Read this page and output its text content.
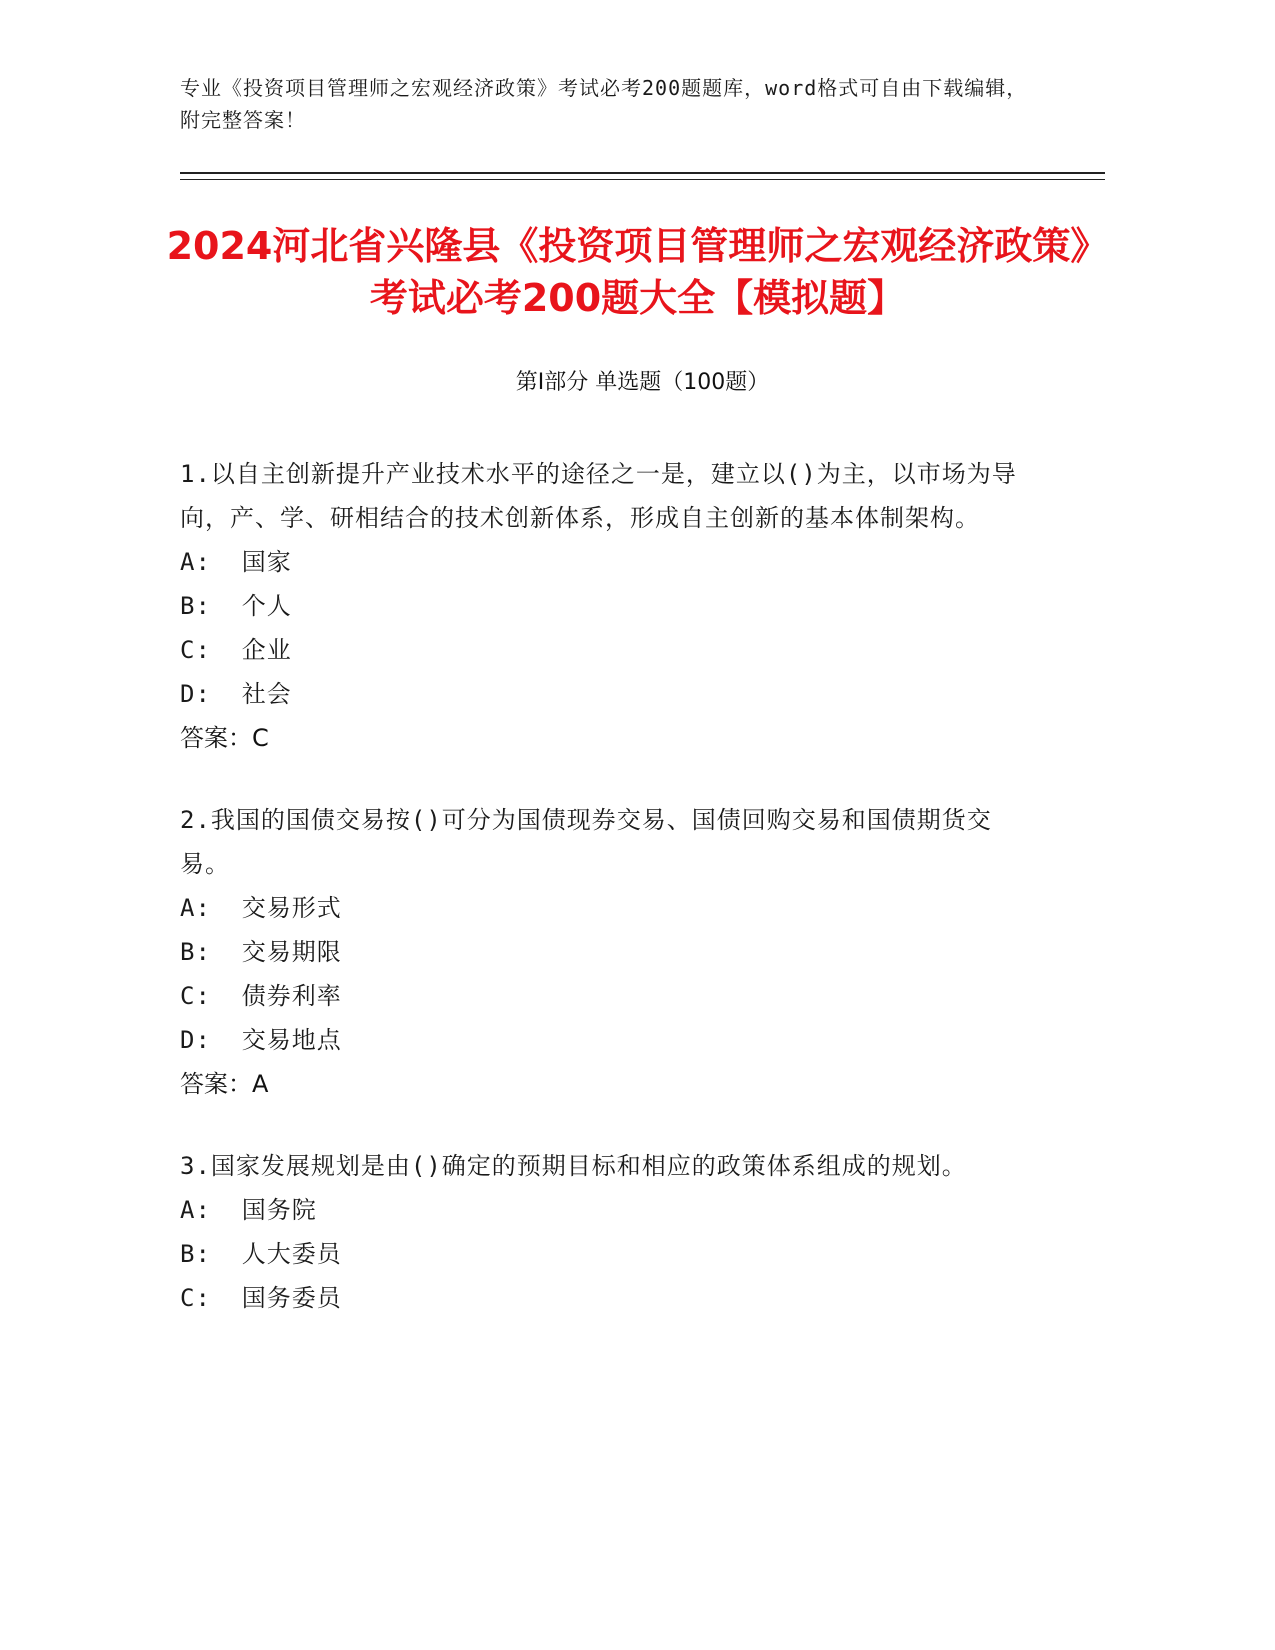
专业《投资项目管理师之宏观经济政策》考试必考200题题库，word格式可自由下载编辑，附完整答案！
2024河北省兴隆县《投资项目管理师之宏观经济政策》考试必考200题大全【模拟题】
第Ⅰ部分 单选题（100题）
1.以自主创新提升产业技术水平的途径之一是，建立以()为主，以市场为导向，产、学、研相结合的技术创新体系，形成自主创新的基本体制架构。
A:  国家
B:  个人
C:  企业
D:  社会
答案：C
2.我国的国债交易按()可分为国债现券交易、国债回购交易和国债期货交易。
A:  交易形式
B:  交易期限
C:  债券利率
D:  交易地点
答案：A
3.国家发展规划是由()确定的预期目标和相应的政策体系组成的规划。
A:  国务院
B:  人大委员
C:  国务委员
